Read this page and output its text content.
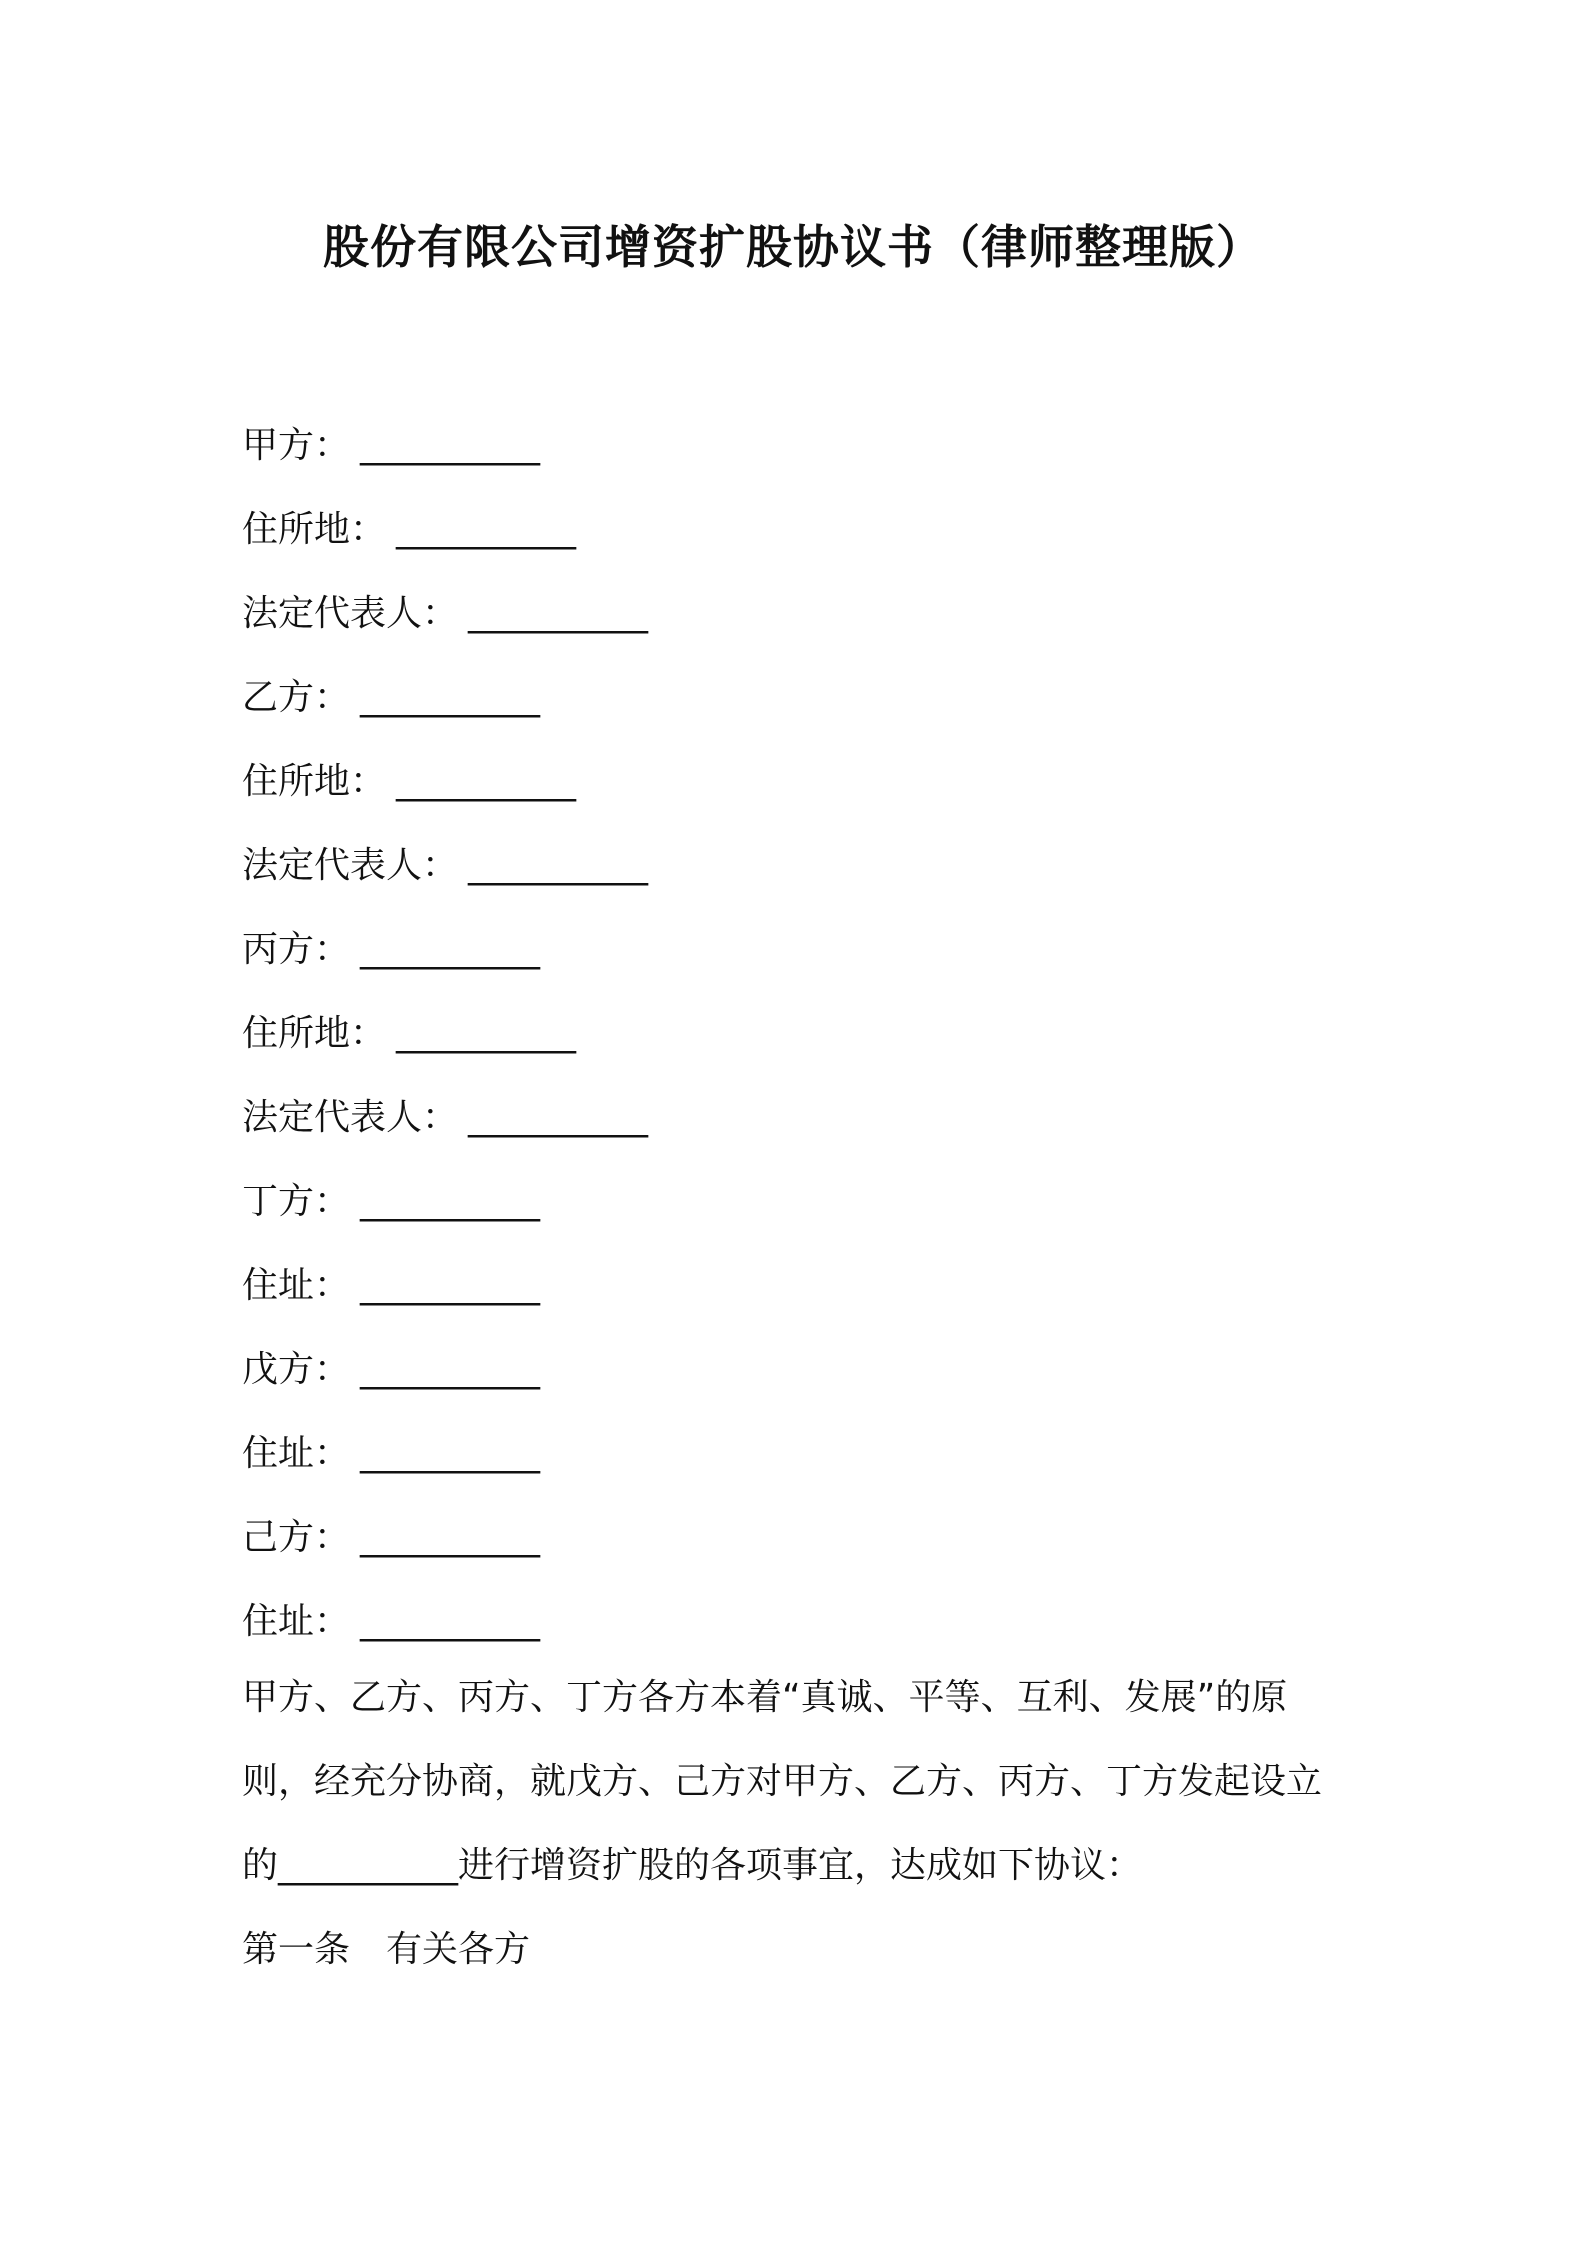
股份有限公司增资扩股协议书（律师整理版）
甲方： __________
住所地： __________
法定代表人： __________
乙方： __________
住所地： __________
法定代表人： __________
丙方： __________
住所地： __________
法定代表人： __________
丁方： __________
住址： __________
戊方： __________
住址： __________
己方： __________
住址： __________
甲方、乙方、丙方、丁方各方本着“真诚、平等、互利、发展”的原
则，经充分协商，就戊方、己方对甲方、乙方、丙方、丁方发起设立
的__________进行增资扩股的各项事宜，达成如下协议：
第一条 有关各方
